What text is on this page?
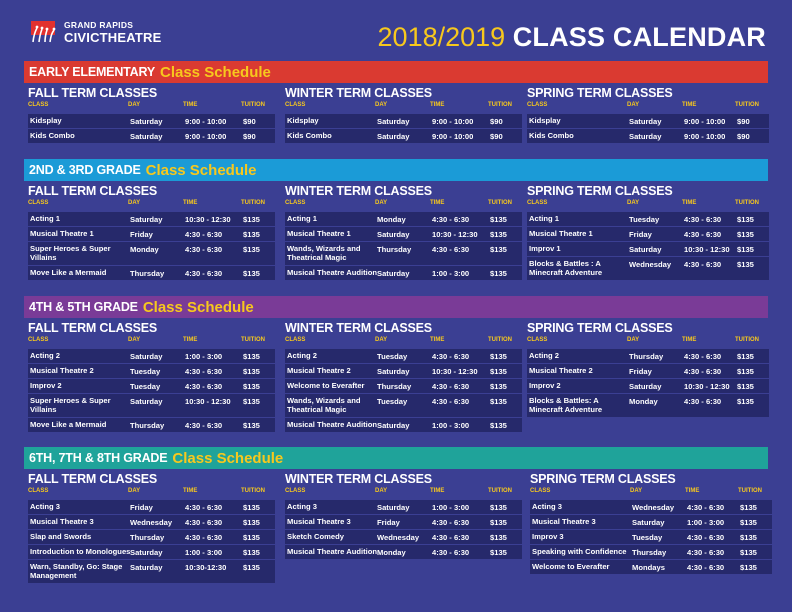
GRAND RAPIDS
CIVICTHEATRE	2018/2019 CLASS CALENDAR
EARLY ELEMENTARY Class Schedule
FALL TERM CLASSES
CLASS	DAY	TIME	TUITION
Kidsplay	Saturday	9:00 - 10:00 $90
Kids Combo	Saturday	9:00 - 10:00 $90
WINTER TERM CLASSES
CLASS	DAY	TIME	TUITION
Kidsplay	Saturday	9:00 - 10:00 $90
Kids Combo	Saturday	9:00 - 10:00 $90
SPRING TERM CLASSES
CLASS	DAY	TIME	TUITION
Kidsplay	Saturday	9:00 - 10:00 $90
Kids Combo	Saturday	9:00 - 10:00 $90
2ND & 3RD GRADE Class Schedule
FALL TERM CLASSES
CLASS	DAY	TIME	TUITION
Acting 1	Saturday	10:30 - 12:30 $135
Musical Theatre 1	Friday	4:30 - 6:30	$135
Super Heroes & Super Villains
Monday	4:30 - 6:30	$135
Move Like a Mermaid	Thursday	4:30 - 6:30	$135
WINTER TERM CLASSES
CLASS	DAY	TIME	TUITION
Acting 1	Monday	4:30 - 6:30	$135
Musical Theatre 1	Saturday	10:30 - 12:30 $135
Wands, Wizards and Theatrical Magic
Thursday	4:30 - 6:30	$135
Musical Theatre Audition Saturday	1:00 - 3:00	$135
SPRING TERM CLASSES
CLASS	DAY	TIME	TUITION
Acting 1	Tuesday	4:30 - 6:30 $135
Musical Theatre 1	Friday	4:30 - 6:30 $135
Improv 1	Saturday	10:30 - 12:30 $135
Blocks & Battles : A Minecraft Adventure
Wednesday 4:30 - 6:30 $135
4TH & 5TH GRADE Class Schedule
FALL TERM CLASSES
CLASS	DAY	TIME	TUITION
Acting 2	Saturday	1:00 - 3:00	$135
Musical Theatre 2	Tuesday	4:30 - 6:30	$135
Improv 2	Tuesday	4:30 - 6:30	$135
Super Heroes & Super Villains
Saturday	10:30 - 12:30 $135
Move Like a Mermaid	Thursday	4:30 - 6:30	$135
WINTER TERM CLASSES
CLASS	DAY	TIME	TUITION
Acting 2	Tuesday	4:30 - 6:30	$135
Musical Theatre 2	Saturday	10:30 - 12:30 $135
Welcome to Everafter Thursday	4:30 - 6:30	$135
Wands, Wizards and Theatrical Magic
Tuesday	4:30 - 6:30	$135
Musical Theatre Audition Saturday	1:00 - 3:00	$135
SPRING TERM CLASSES
CLASS	DAY	TIME	TUITION
Acting 2	Thursday	4:30 - 6:30 $135
Musical Theatre 2	Friday	4:30 - 6:30 $135
Improv 2	Saturday	10:30 - 12:30 $135
Blocks & Battles: A Minecraft Adventure
Monday	4:30 - 6:30 $135
6TH, 7TH & 8TH GRADE Class Schedule
FALL TERM CLASSES
CLASS	DAY	TIME	TUITION
Acting 3	Friday	4:30 - 6:30	$135
Musical Theatre 3	Wednesday 4:30 - 6:30	$135
Slap and Swords	Thursday	4:30 - 6:30	$135
Introduction to Monologues Saturday	1:00 - 3:00	$135
Warn, Standby, Go: Stage Management
Saturday	10:30-12:30 $135
WINTER TERM CLASSES
CLASS	DAY	TIME	TUITION
Acting 3	Saturday	1:00 - 3:00	$135
Musical Theatre 3	Friday	4:30 - 6:30	$135
Sketch Comedy	Wednesday 4:30 - 6:30	$135
Musical Theatre Audition Monday	4:30 - 6:30	$135
SPRING TERM CLASSES
CLASS	DAY	TIME	TUITION
Acting 3	Wednesday 4:30 - 6:30 $135
Musical Theatre 3	Saturday	1:00 - 3:00 $135
Improv 3	Tuesday	4:30 - 6:30 $135
Speaking with Confidence Thursday	4:30 - 6:30 $135
Welcome to Everafter	Mondays	4:30 - 6:30 $135
